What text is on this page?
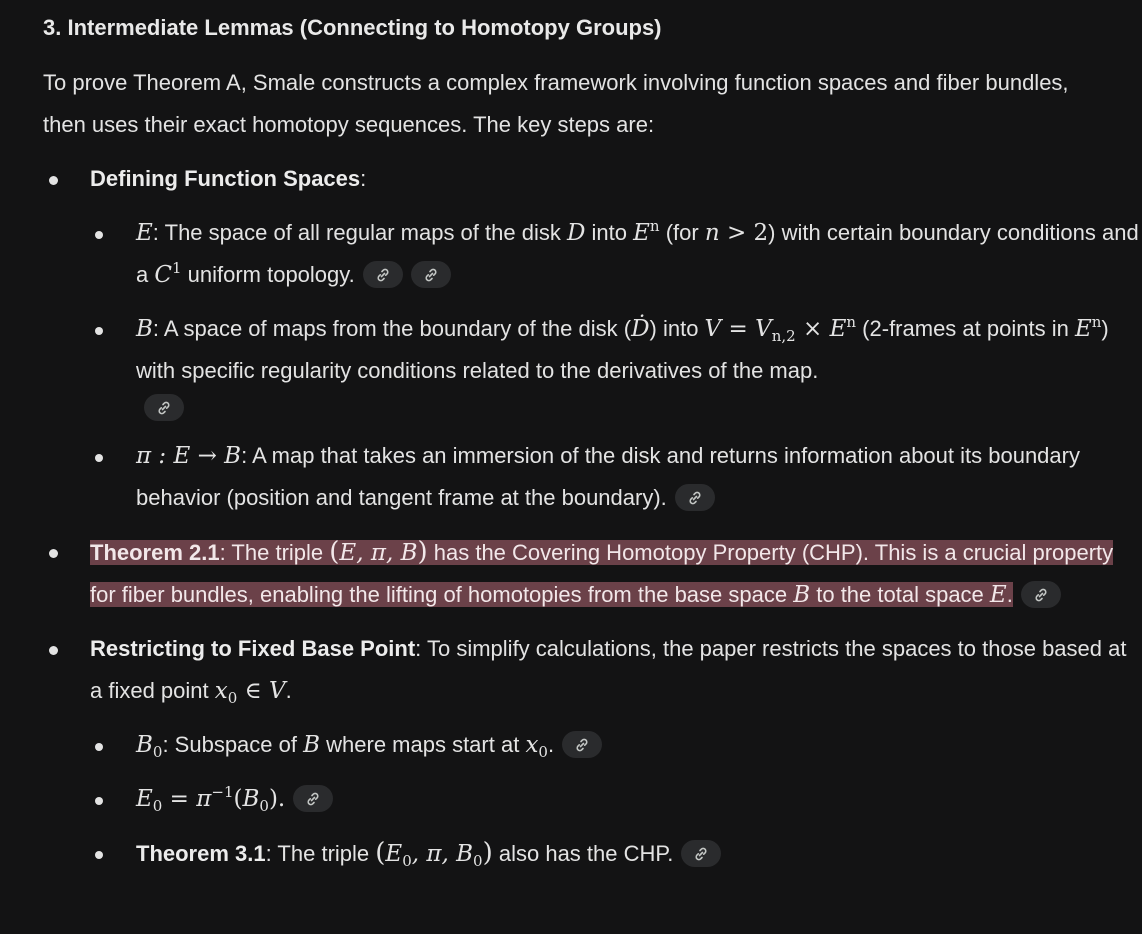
3. Intermediate Lemmas (Connecting to Homotopy Groups)

To prove Theorem A, Smale constructs a complex framework involving function spaces and fiber bundles, then uses their exact homotopy sequences. The key steps are:

Defining Function Spaces:
E: The space of all regular maps of the disk D into $E^n$ (for n > 2) with certain boundary conditions and a $C^1$ uniform topology.
B: A space of maps from the boundary of the disk (Ḋ) into $V = V_{n,2} \times E^n$ (2-frames at points in $E^n$) with specific regularity conditions related to the derivatives of the map.
π : E → B: A map that takes an immersion of the disk and returns information about its boundary behavior (position and tangent frame at the boundary).
Theorem 2.1: The triple (E, π, B) has the Covering Homotopy Property (CHP). This is a crucial property for fiber bundles, enabling the lifting of homotopies from the base space B to the total space E.
Restricting to Fixed Base Point: To simplify calculations, the paper restricts the spaces to those based at a fixed point $x_0$ ∈ V.
$B_0$: Subspace of B where maps start at $x_0$.
$E_0 = \pi^{-1}(B_0)$.
Theorem 3.1: The triple ($E_0$, π, $B_0$) also has the CHP.
